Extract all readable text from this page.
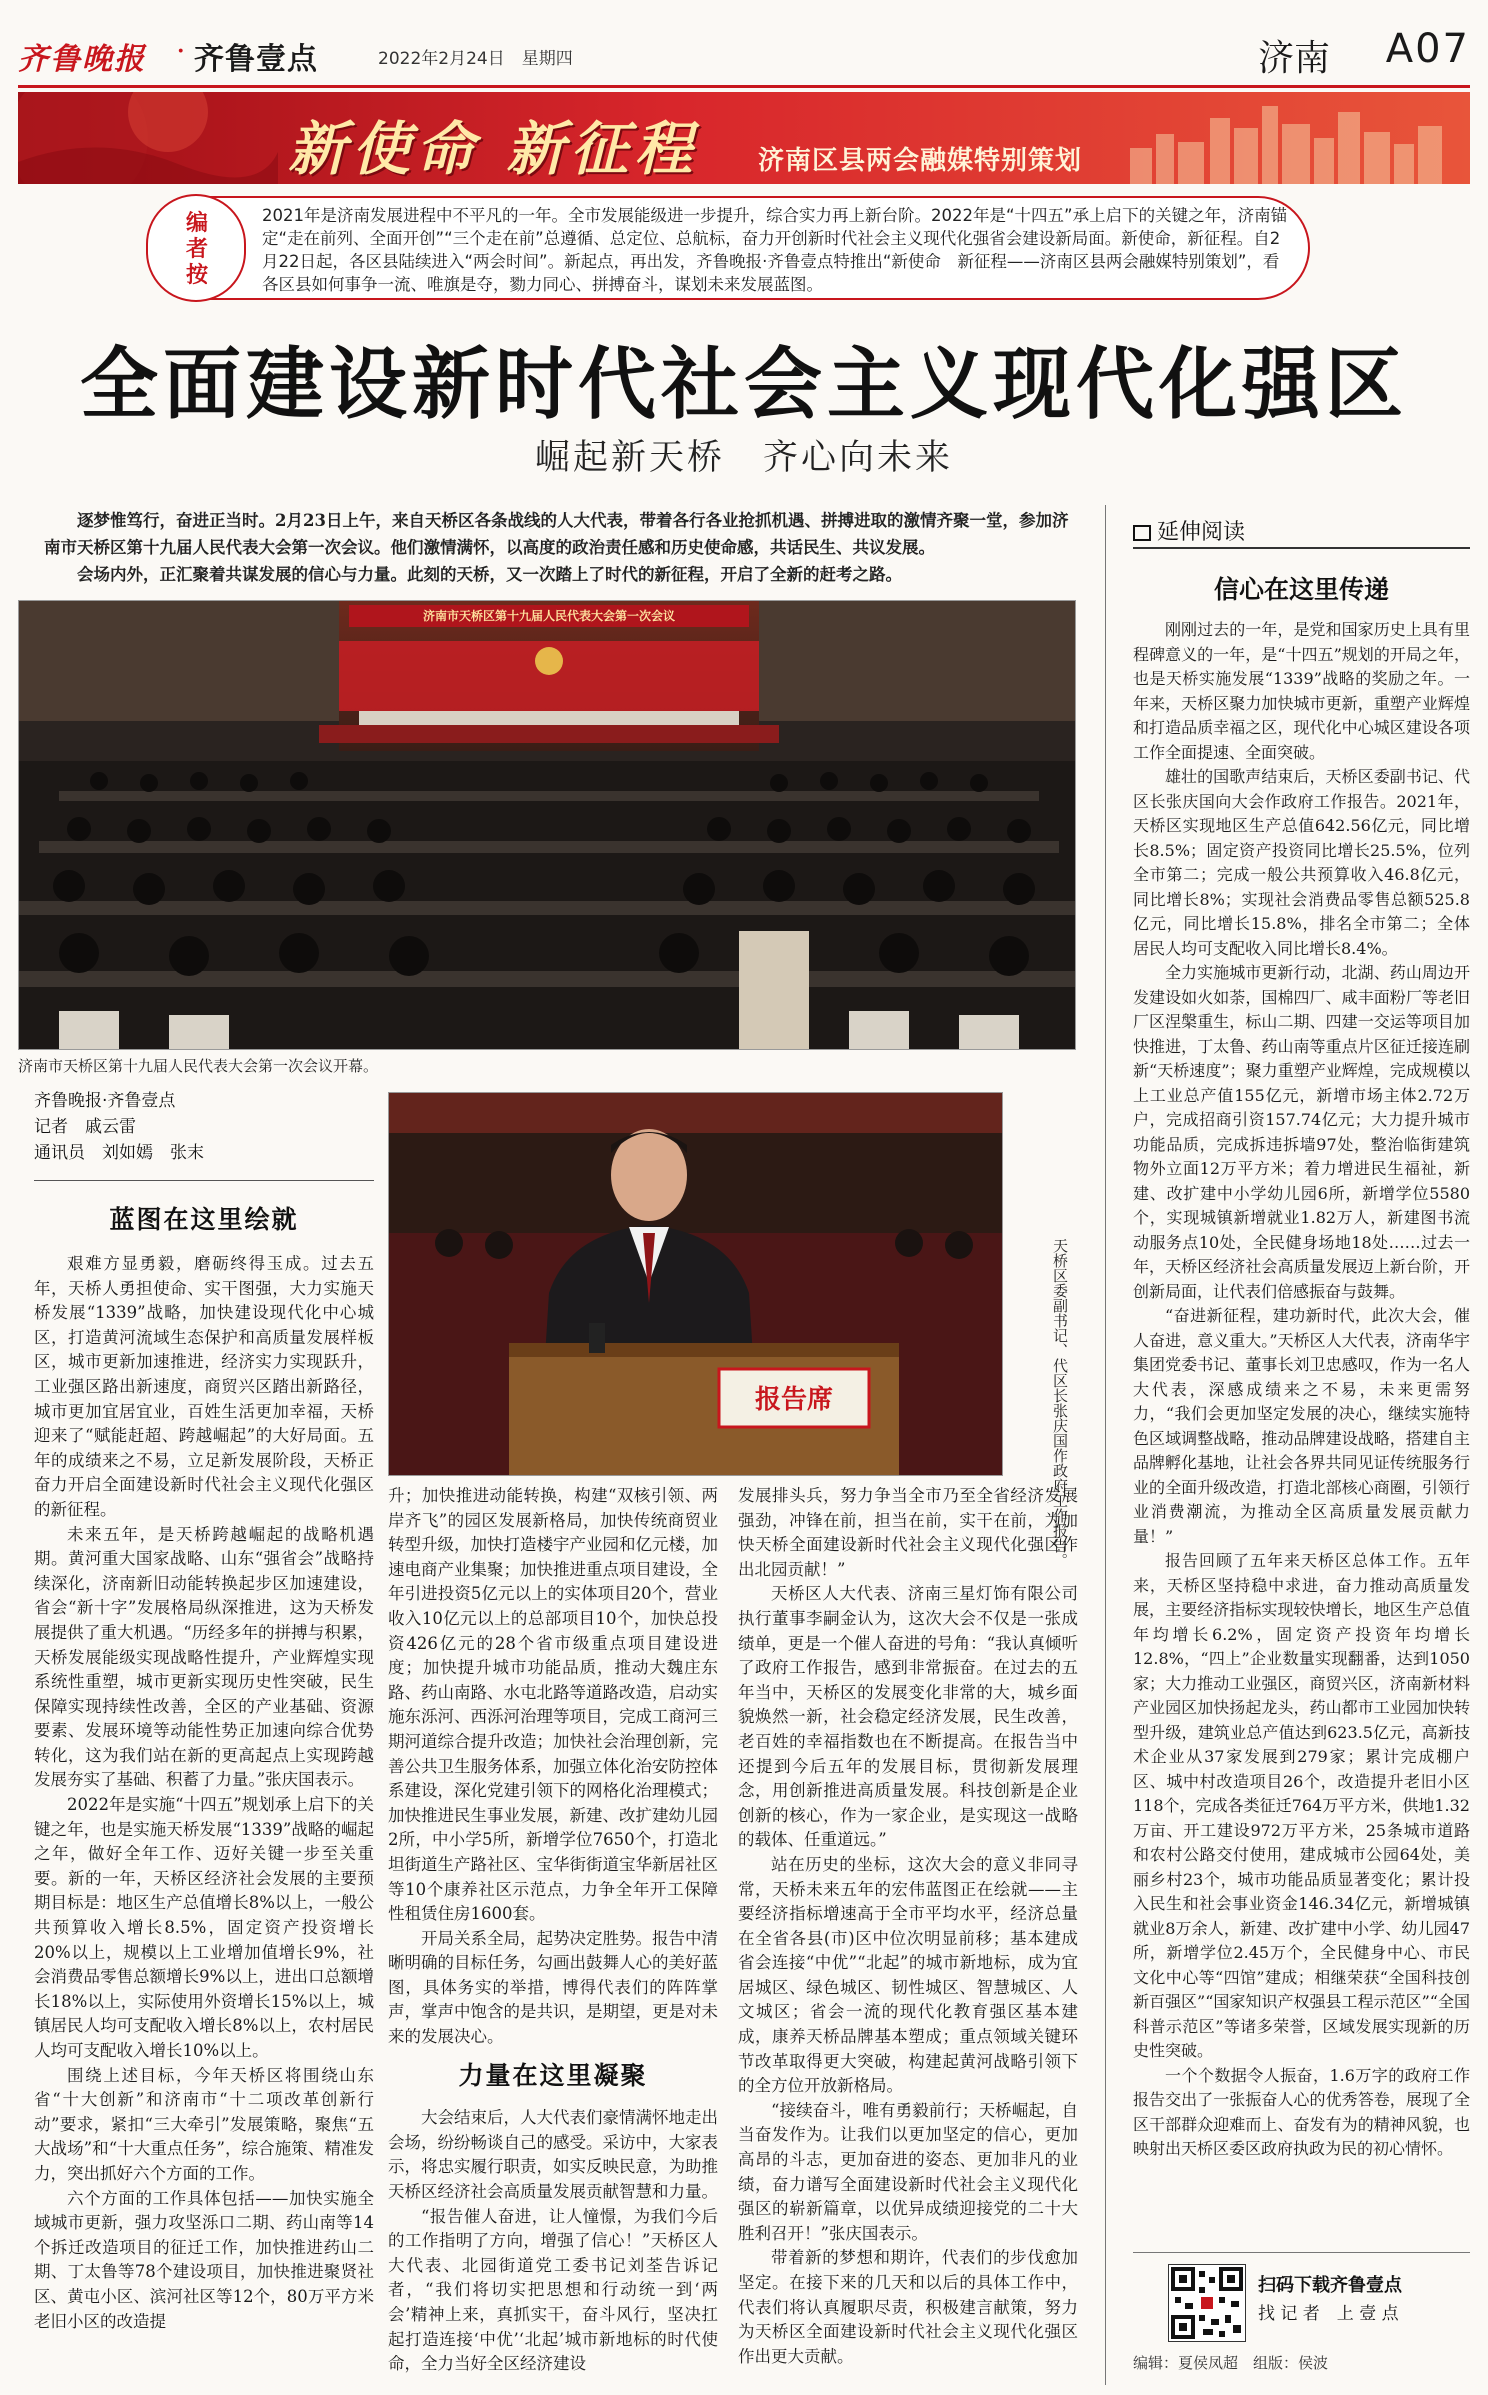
齐鲁晚报 · 齐鲁壹点	2022年2月24日　星期四	济南 A07
新使命 新征程 济南区县两会融媒特别策划
编者按
2021年是济南发展进程中不平凡的一年。全市发展能级进一步提升，综合实力再上新台阶。2022年是“十四五”承上启下的关键之年，济南锚定“走在前列、全面开创”“三个走在前”总遵循、总定位、总航标，奋力开创新时代社会主义现代化强省会建设新局面。新使命，新征程。自2月22日起，各区县陆续进入“两会时间”。新起点，再出发，齐鲁晚报·齐鲁壹点特推出“新使命　新征程——济南区县两会融媒特别策划”，看各区县如何事争一流、唯旗是夺，勠力同心、拼搏奋斗，谋划未来发展蓝图。
全面建设新时代社会主义现代化强区
崛起新天桥　齐心向未来

逐梦惟笃行，奋进正当时。2月23日上午，来自天桥区各条战线的人大代表，带着各行各业抢抓机遇、拼搏进取的激情齐聚一堂，参加济南市天桥区第十九届人民代表大会第一次会议。他们激情满怀，以高度的政治责任感和历史使命感，共话民生、共议发展。

会场内外，正汇聚着共谋发展的信心与力量。此刻的天桥，又一次踏上了时代的新征程，开启了全新的赶考之路。

济南市天桥区第十九届人民代表大会第一次会议
济南市天桥区第十九届人民代表大会第一次会议开幕。
齐鲁晚报·齐鲁壹点
记者　戚云雷
通讯员　刘如嫣　张末
报告席	天桥区委副书记、代区长张庆国作政府工作报告。
蓝图在这里绘就

艰难方显勇毅，磨砺终得玉成。过去五年，天桥人勇担使命、实干图强，大力实施天桥发展“1339”战略，加快建设现代化中心城区，打造黄河流域生态保护和高质量发展样板区，城市更新加速推进，经济实力实现跃升，工业强区路出新速度，商贸兴区踏出新路径，城市更加宜居宜业，百姓生活更加幸福，天桥迎来了“赋能赶超、跨越崛起”的大好局面。五年的成绩来之不易，立足新发展阶段，天桥正奋力开启全面建设新时代社会主义现代化强区的新征程。

未来五年，是天桥跨越崛起的战略机遇期。黄河重大国家战略、山东“强省会”战略持续深化，济南新旧动能转换起步区加速建设，省会“新十字”发展格局纵深推进，这为天桥发展提供了重大机遇。“历经多年的拼搏与积累，天桥发展能级实现战略性提升，产业辉煌实现系统性重塑，城市更新实现历史性突破，民生保障实现持续性改善，全区的产业基础、资源要素、发展环境等动能性势正加速向综合优势转化，这为我们站在新的更高起点上实现跨越发展夯实了基础、积蓄了力量。”张庆国表示。

2022年是实施“十四五”规划承上启下的关键之年，也是实施天桥发展“1339”战略的崛起之年，做好全年工作、迈好关键一步至关重要。新的一年，天桥区经济社会发展的主要预期目标是：地区生产总值增长8%以上，一般公共预算收入增长8.5%，固定资产投资增长20%以上，规模以上工业增加值增长9%，社会消费品零售总额增长9%以上，进出口总额增长18%以上，实际使用外资增长15%以上，城镇居民人均可支配收入增长8%以上，农村居民人均可支配收入增长10%以上。

围绕上述目标，今年天桥区将围绕山东省“十大创新”和济南市“十二项改革创新行动”要求，紧扣“三大牵引”发展策略，聚焦“五大战场”和“十大重点任务”，综合施策、精准发力，突出抓好六个方面的工作。

六个方面的工作具体包括——加快实施全域城市更新，强力攻坚泺口二期、药山南等14个拆迁改造项目的征迁工作，加快推进药山二期、丁太鲁等78个建设项目，加快推进聚贤社区、黄屯小区、滨河社区等12个，80万平方米老旧小区的改造提

升；加快推进动能转换，构建“双核引领、两岸齐飞”的园区发展新格局，加快传统商贸业转型升级，加快打造楼宇产业园和亿元楼，加速电商产业集聚；加快推进重点项目建设，全年引进投资5亿元以上的实体项目20个，营业收入10亿元以上的总部项目10个，加快总投资426亿元的28个省市级重点项目建设进度；加快提升城市功能品质，推动大魏庄东路、药山南路、水屯北路等道路改造，启动实施东泺河、西泺河治理等项目，完成工商河三期河道综合提升改造；加快社会治理创新，完善公共卫生服务体系，加强立体化治安防控体系建设，深化党建引领下的网格化治理模式；加快推进民生事业发展，新建、改扩建幼儿园2所，中小学5所，新增学位7650个，打造北坦街道生产路社区、宝华街街道宝华新居社区等10个康养社区示范点，力争全年开工保障性租赁住房1600套。

开局关系全局，起势决定胜势。报告中清晰明确的目标任务，勾画出鼓舞人心的美好蓝图，具体务实的举措，博得代表们的阵阵掌声，掌声中饱含的是共识，是期望，更是对未来的发展决心。

力量在这里凝聚

大会结束后，人大代表们豪情满怀地走出会场，纷纷畅谈自己的感受。采访中，大家表示，将忠实履行职责，如实反映民意，为助推天桥区经济社会高质量发展贡献智慧和力量。

“报告催人奋进，让人憧憬，为我们今后的工作指明了方向，增强了信心！”天桥区人大代表、北园街道党工委书记刘荃告诉记者，“我们将切实把思想和行动统一到‘两会’精神上来，真抓实干，奋斗风行，坚决扛起打造连接‘中优’‘北起’城市新地标的时代使命，全力当好全区经济建设

发展排头兵，努力争当全市乃至全省经济发展强劲，冲锋在前，担当在前，实干在前，为加快天桥全面建设新时代社会主义现代化强区作出北园贡献！”

天桥区人大代表、济南三星灯饰有限公司执行董事李嗣金认为，这次大会不仅是一张成绩单，更是一个催人奋进的号角：“我认真倾听了政府工作报告，感到非常振奋。在过去的五年当中，天桥区的发展变化非常的大，城乡面貌焕然一新，社会稳定经济发展，民生改善，老百姓的幸福指数也在不断提高。在报告当中还提到今后五年的发展目标，贯彻新发展理念，用创新推进高质量发展。科技创新是企业创新的核心，作为一家企业，是实现这一战略的载体、任重道远。”

站在历史的坐标，这次大会的意义非同寻常，天桥未来五年的宏伟蓝图正在绘就——主要经济指标增速高于全市平均水平，经济总量在全省各县(市)区中位次明显前移；基本建成省会连接“中优”“北起”的城市新地标，成为宜居城区、绿色城区、韧性城区、智慧城区、人文城区；省会一流的现代化教育强区基本建成，康养天桥品牌基本塑成；重点领域关键环节改革取得更大突破，构建起黄河战略引领下的全方位开放新格局。

“接续奋斗，唯有勇毅前行；天桥崛起，自当奋发作为。让我们以更加坚定的信心，更加高昂的斗志，更加奋进的姿态、更加非凡的业绩，奋力谱写全面建设新时代社会主义现代化强区的崭新篇章，以优异成绩迎接党的二十大胜利召开！”张庆国表示。

带着新的梦想和期许，代表们的步伐愈加坚定。在接下来的几天和以后的具体工作中，代表们将认真履职尽责，积极建言献策，努力为天桥区全面建设新时代社会主义现代化强区作出更大贡献。

延伸阅读
信心在这里传递

刚刚过去的一年，是党和国家历史上具有里程碑意义的一年，是“十四五”规划的开局之年，也是天桥实施发展“1339”战略的奖励之年。一年来，天桥区聚力加快城市更新，重塑产业辉煌和打造品质幸福之区，现代化中心城区建设各项工作全面提速、全面突破。

雄壮的国歌声结束后，天桥区委副书记、代区长张庆国向大会作政府工作报告。2021年，天桥区实现地区生产总值642.56亿元，同比增长8.5%；固定资产投资同比增长25.5%，位列全市第二；完成一般公共预算收入46.8亿元，同比增长8%；实现社会消费品零售总额525.8亿元，同比增长15.8%，排名全市第二；全体居民人均可支配收入同比增长8.4%。

全力实施城市更新行动，北湖、药山周边开发建设如火如荼，国棉四厂、咸丰面粉厂等老旧厂区涅槃重生，标山二期、四建一交运等项目加快推进，丁太鲁、药山南等重点片区征迁接连刷新“天桥速度”；聚力重塑产业辉煌，完成规模以上工业总产值155亿元，新增市场主体2.72万户，完成招商引资157.74亿元；大力提升城市功能品质，完成拆违拆墙97处，整治临街建筑物外立面12万平方米；着力增进民生福祉，新建、改扩建中小学幼儿园6所，新增学位5580个，实现城镇新增就业1.82万人，新建图书流动服务点10处，全民健身场地18处……过去一年，天桥区经济社会高质量发展迈上新台阶，开创新局面，让代表们倍感振奋与鼓舞。

“奋进新征程，建功新时代，此次大会，催人奋进，意义重大。”天桥区人大代表，济南华宇集团党委书记、董事长刘卫忠感叹，作为一名人大代表，深感成绩来之不易，未来更需努力，“我们会更加坚定发展的决心，继续实施特色区域调整战略，推动品牌建设战略，搭建自主品牌孵化基地，让社会各界共同见证传统服务行业的全面升级改造，打造北部核心商圈，引领行业消费潮流，为推动全区高质量发展贡献力量！”

报告回顾了五年来天桥区总体工作。五年来，天桥区坚持稳中求进，奋力推动高质量发展，主要经济指标实现较快增长，地区生产总值年均增长6.2%，固定资产投资年均增长12.8%，“四上”企业数量实现翻番，达到1050家；大力推动工业强区，商贸兴区，济南新材料产业园区加快扬起龙头，药山都市工业园加快转型升级，建筑业总产值达到623.5亿元，高新技术企业从37家发展到279家；累计完成棚户区、城中村改造项目26个，改造提升老旧小区118个，完成各类征迁764万平方米，供地1.32万亩、开工建设972万平方米，25条城市道路和农村公路交付使用，建成城市公园64处，美丽乡村23个，城市功能品质显著变化；累计投入民生和社会事业资金146.34亿元，新增城镇就业8万余人，新建、改扩建中小学、幼儿园47所，新增学位2.45万个，全民健身中心、市民文化中心等“四馆”建成；相继荣获“全国科技创新百强区”“国家知识产权强县工程示范区”“全国科普示范区”等诸多荣誉，区域发展实现新的历史性突破。

一个个数据令人振奋，1.6万字的政府工作报告交出了一张振奋人心的优秀答卷，展现了全区干部群众迎难而上、奋发有为的精神风貌，也映射出天桥区委区政府执政为民的初心情怀。

扫码下载齐鲁壹点
找 记 者　上 壹 点
编辑：夏侯凤超　组版：侯波
